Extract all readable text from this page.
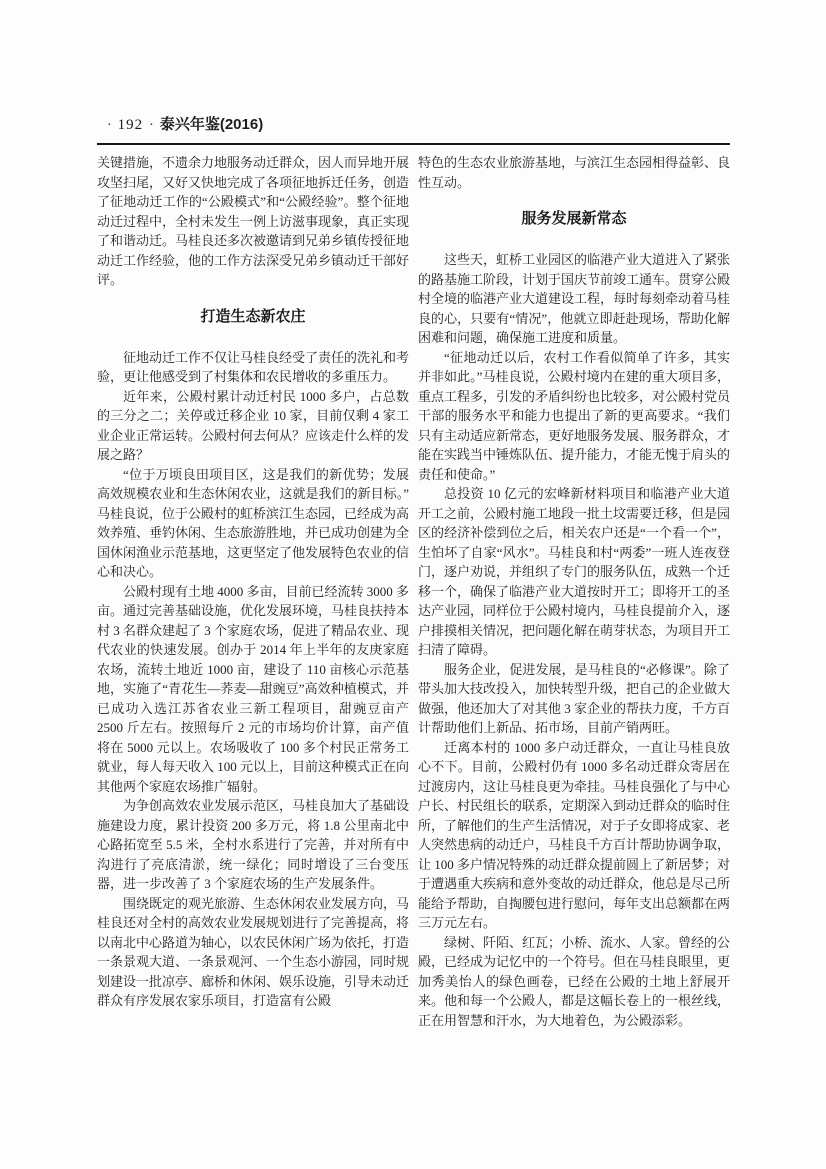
· 192 · 泰兴年鉴(2016)

关键措施，不遗余力地服务动迁群众，因人而异地开展攻坚扫尾，又好又快地完成了各项征地拆迁任务，创造了征地动迁工作的“公殿模式”和“公殿经验”。整个征地动迁过程中，全村未发生一例上访滋事现象，真正实现了和谐动迁。马桂良还多次被邀请到兄弟乡镇传授征地动迁工作经验，他的工作方法深受兄弟乡镇动迁干部好评。

打造生态新农庄

征地动迁工作不仅让马桂良经受了责任的洗礼和考验，更让他感受到了村集体和农民增收的多重压力。

近年来，公殿村累计动迁村民 1000 多户，占总数的三分之二；关停或迁移企业 10 家，目前仅剩 4 家工业企业正常运转。公殿村何去何从？应该走什么样的发展之路？

“位于万顷良田项目区，这是我们的新优势；发展高效规模农业和生态休闲农业，这就是我们的新目标。”马桂良说，位于公殿村的虹桥滨江生态园，已经成为高效养殖、垂钓休闲、生态旅游胜地，并已成功创建为全国休闲渔业示范基地，这更坚定了他发展特色农业的信心和决心。

公殿村现有土地 4000 多亩，目前已经流转 3000 多亩。通过完善基础设施，优化发展环境，马桂良扶持本村 3 名群众建起了 3 个家庭农场，促进了精品农业、现代农业的快速发展。创办于 2014 年上半年的友庚家庭农场，流转土地近 1000 亩，建设了 110 亩核心示范基地，实施了“青花生—荞麦—甜豌豆”高效种植模式，并已成功入选江苏省农业三新工程项目，甜豌豆亩产 2500 斤左右。按照每斤 2 元的市场均价计算，亩产值将在 5000 元以上。农场吸收了 100 多个村民正常务工就业，每人每天收入 100 元以上，目前这种模式正在向其他两个家庭农场推广辐射。

为争创高效农业发展示范区，马桂良加大了基础设施建设力度，累计投资 200 多万元，将 1.8 公里南北中心路拓宽至 5.5 米，全村水系进行了完善，并对所有中沟进行了亮底清淤，统一绿化；同时增设了三台变压器，进一步改善了 3 个家庭农场的生产发展条件。

围绕既定的观光旅游、生态休闲农业发展方向，马桂良还对全村的高效农业发展规划进行了完善提高，将以南北中心路道为轴心，以农民休闲广场为依托，打造一条景观大道、一条景观河、一个生态小游园，同时规划建设一批凉亭、廊桥和休闲、娱乐设施，引导未动迁群众有序发展农家乐项目，打造富有公殿

特色的生态农业旅游基地，与滨江生态园相得益彰、良性互动。

服务发展新常态

这些天，虹桥工业园区的临港产业大道进入了紧张的路基施工阶段，计划于国庆节前竣工通车。贯穿公殿村全境的临港产业大道建设工程，每时每刻牵动着马桂良的心，只要有“情况”，他就立即赶赴现场，帮助化解困难和问题，确保施工进度和质量。

“征地动迁以后，农村工作看似简单了许多，其实并非如此。”马桂良说，公殿村境内在建的重大项目多，重点工程多，引发的矛盾纠纷也比较多，对公殿村党员干部的服务水平和能力也提出了新的更高要求。“我们只有主动适应新常态，更好地服务发展、服务群众，才能在实践当中锤炼队伍、提升能力，才能无愧于肩头的责任和使命。”

总投资 10 亿元的宏峰新材料项目和临港产业大道开工之前，公殿村施工地段一批土坟需要迁移，但是园区的经济补偿到位之后，相关农户还是“一个看一个”，生怕坏了自家“风水”。马桂良和村“两委”一班人连夜登门，逐户劝说，并组织了专门的服务队伍，成熟一个迁移一个，确保了临港产业大道按时开工；即将开工的圣达产业园，同样位于公殿村境内，马桂良提前介入，逐户排摸相关情况，把问题化解在萌芽状态，为项目开工扫清了障碍。

服务企业，促进发展，是马桂良的“必修课”。除了带头加大技改投入，加快转型升级，把自己的企业做大做强，他还加大了对其他 3 家企业的帮扶力度，千方百计帮助他们上新品、拓市场，目前产销两旺。

迁离本村的 1000 多户动迁群众，一直让马桂良放心不下。目前，公殿村仍有 1000 多名动迁群众寄居在过渡房内，这让马桂良更为牵挂。马桂良强化了与中心户长、村民组长的联系，定期深入到动迁群众的临时住所，了解他们的生产生活情况，对于子女即将成家、老人突然患病的动迁户，马桂良千方百计帮助协调争取，让 100 多户情况特殊的动迁群众提前圆上了新居梦；对于遭遇重大疾病和意外变故的动迁群众，他总是尽己所能给予帮助，自掏腰包进行慰问，每年支出总额都在两三万元左右。

绿树、阡陌、红瓦；小桥、流水、人家。曾经的公殿，已经成为记忆中的一个符号。但在马桂良眼里，更加秀美怡人的绿色画卷，已经在公殿的土地上舒展开来。他和每一个公殿人，都是这幅长卷上的一根丝线，正在用智慧和汗水，为大地着色，为公殿添彩。
